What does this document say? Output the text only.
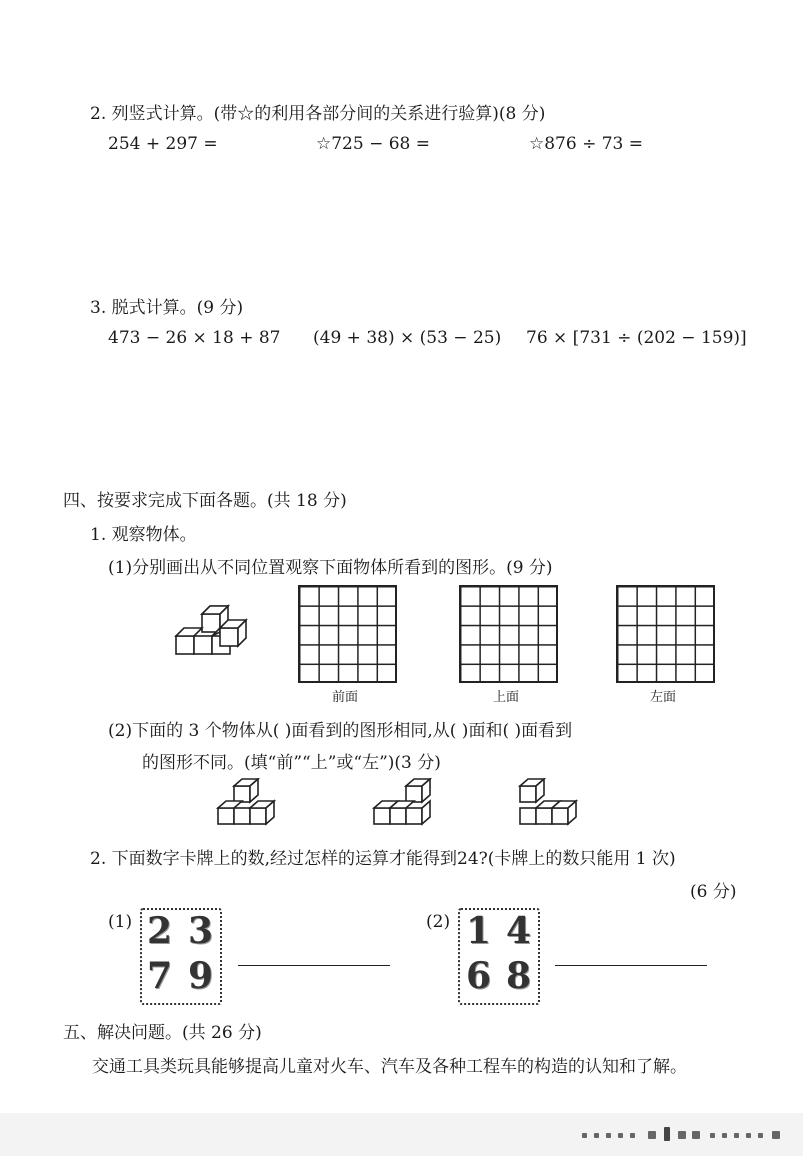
2. 列竖式计算。(带☆的利用各部分间的关系进行验算)(8 分)
254 + 297 =	☆725 − 68 =	☆876 ÷ 73 =
3. 脱式计算。(9 分)
473 − 26 × 18 + 87 (49 + 38) × (53 − 25) 76 × [731 ÷ (202 − 159)]
四、按要求完成下面各题。(共 18 分)
1. 观察物体。
(1)分别画出从不同位置观察下面物体所看到的图形。(9 分)
前面	上面	左面
(2)下面的 3 个物体从( )面看到的图形相同,从( )面和( )面看到
的图形不同。(填“前”“上”或“左”)(3 分)
2. 下面数字卡牌上的数,经过怎样的运算才能得到24?(卡牌上的数只能用 1 次)
(6 分)
(1) 2 3
7 9
(2) 1 4
6 8
五、解决问题。(共 26 分)
交通工具类玩具能够提高儿童对火车、汽车及各种工程车的构造的认知和了解。
